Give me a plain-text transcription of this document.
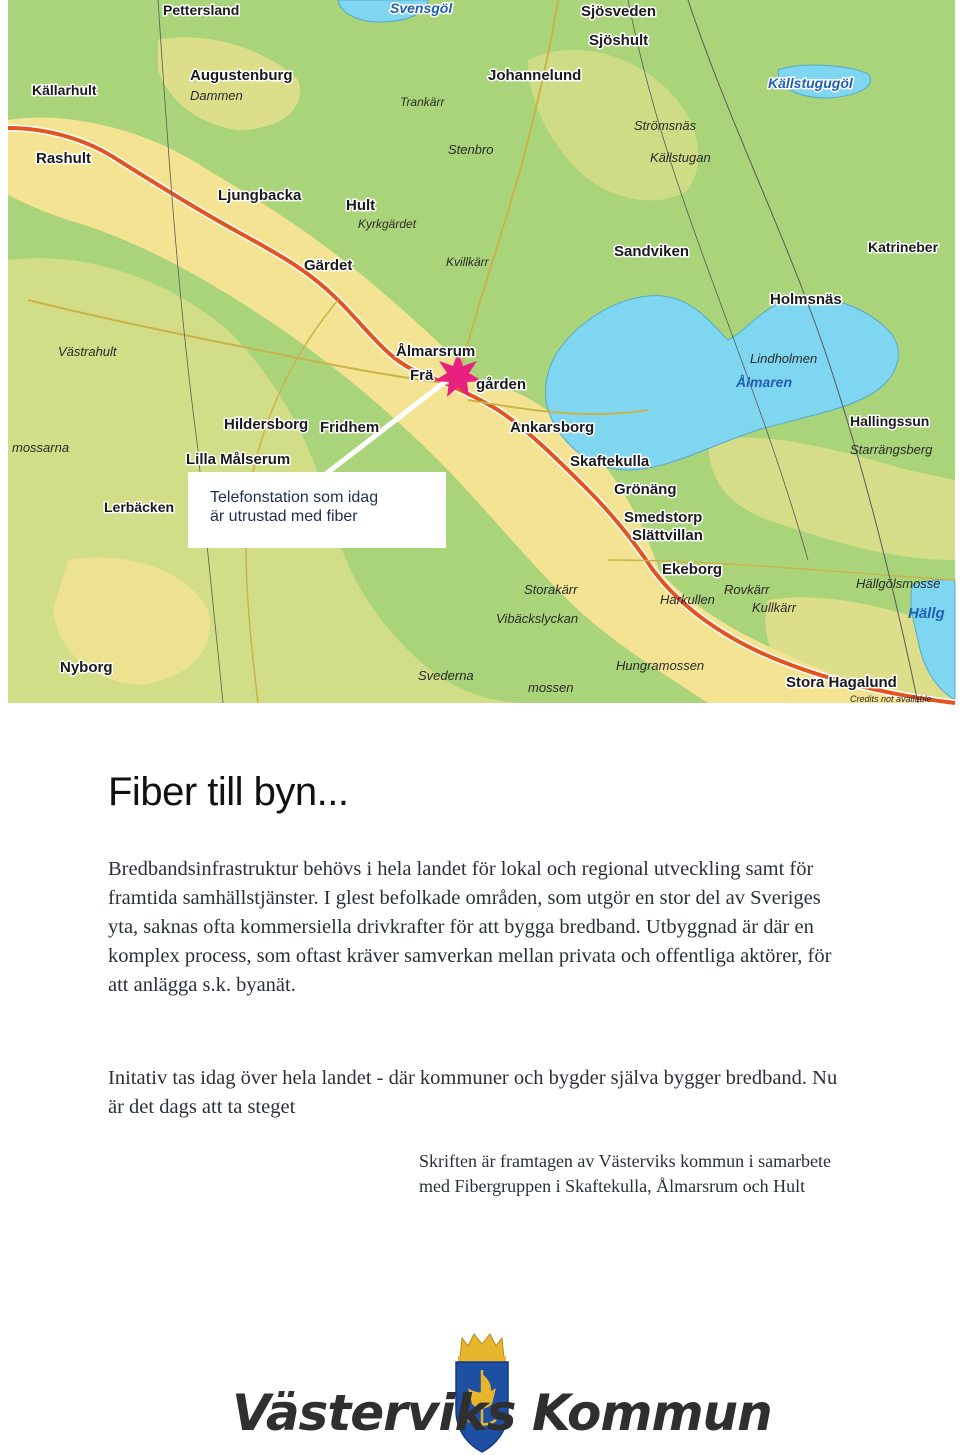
Pettersland	Svensgöl	Sjösveden
Sjöshult
Augustenburg
Dammen
Johannelund	Källstugugöl
Källarhult
Trankärr
Strömsnäs
Stenbro
Rashult	Källstugan
Ljungbacka
Hult
Kyrkgärdet
Sandviken	Katrineber
Gärdet	Kvillkärr
Holmsnäs
Västrahult	Ålmarsrum	Lindholmen
Frä
gården	Ålmaren
Hildersborg Fridhem	Hallingssun
mossarna
Ankarsborg
Starrängsberg
Lilla Målserum	Skaftekulla
Lerbäcken
Grönäng
Smedstorp
Slättvillan
Ekeborg
Storakärr	Rovkärr	Hällgölsmosse
Harkullen
Kullkärr
Vibäckslyckan	Hällg
Nyborg	Hungramossen
Svederna
mossen	Stora Hagalund
Credits not available
Telefonstation som idag
är utrustad med fiber
Fiber till byn...

Bredbandsinfrastruktur behövs i hela landet för lokal och regional utveckling samt för framtida samhällstjänster. I glest befolkade områden, som utgör en stor del av Sveriges yta, saknas ofta kommersiella drivkrafter för att bygga bredband. Utbyggnad är där en komplex process, som oftast kräver samverkan mellan privata och offentliga aktörer, för att anlägga s.k. byanät.

Initativ tas idag över hela landet - där kommuner och bygder själva bygger bredband. Nu är det dags att ta steget

Skriften är framtagen av Västerviks kommun i samarbete med Fibergruppen i Skaftekulla, Ålmarsrum och Hult

Västerviks Kommun
